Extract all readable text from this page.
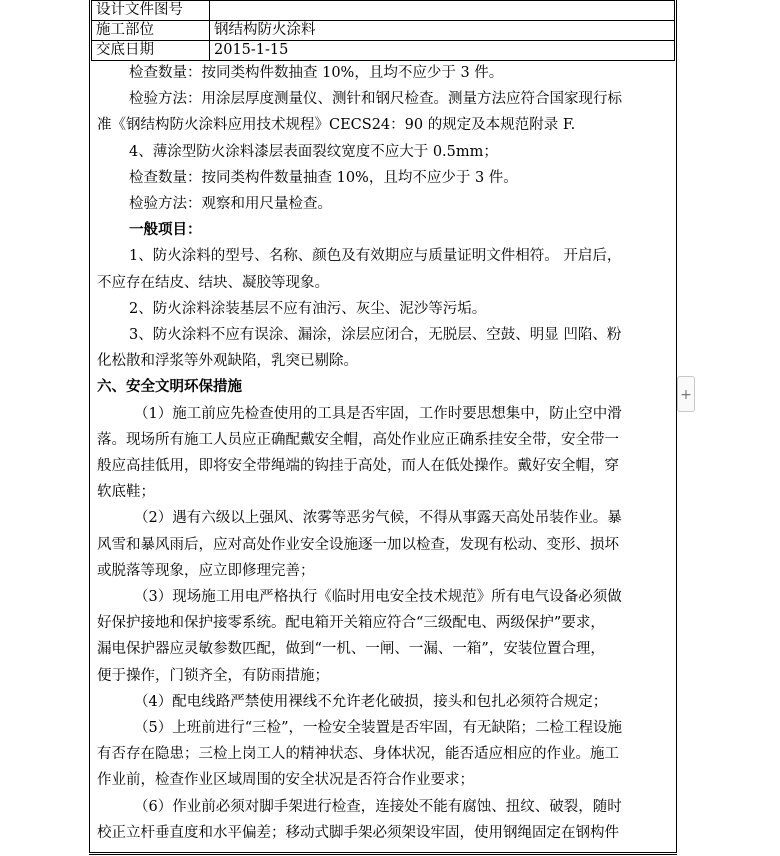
设计文件图号	
施工部位	钢结构防火涂料
交底日期	2015-1-15

检查数量：按同类构件数抽查 10%，且均不应少于 3 件。

检验方法：用涂层厚度测量仪、测针和钢尺检查。测量方法应符合国家现行标

准《钢结构防火涂料应用技术规程》CECS24：90 的规定及本规范附录 F.

4、薄涂型防火涂料漆层表面裂纹宽度不应大于 0.5mm；

检查数量：按同类构件数量抽查 10%，且均不应少于 3 件。

检验方法：观察和用尺量检查。

一般项目：

1、防火涂料的型号、名称、颜色及有效期应与质量证明文件相符。 开启后，

不应存在结皮、结块、凝胶等现象。

2、防火涂料涂装基层不应有油污、灰尘、泥沙等污垢。

3、防火涂料不应有误涂、漏涂，涂层应闭合，无脱层、空鼓、明显 凹陷、粉

化松散和浮浆等外观缺陷，乳突已剔除。

六、安全文明环保措施

（1）施工前应先检查使用的工具是否牢固，工作时要思想集中，防止空中滑

落。现场所有施工人员应正确配戴安全帽，高处作业应正确系挂安全带，安全带一

般应高挂低用，即将安全带绳端的钩挂于高处，而人在低处操作。戴好安全帽，穿

软底鞋；

（2）遇有六级以上强风、浓雾等恶劣气候，不得从事露天高处吊装作业。暴

风雪和暴风雨后，应对高处作业安全设施逐一加以检查，发现有松动、变形、损坏

或脱落等现象，应立即修理完善；

（3）现场施工用电严格执行《临时用电安全技术规范》所有电气设备必须做

好保护接地和保护接零系统。配电箱开关箱应符合“三级配电、两级保护”要求，

漏电保护器应灵敏参数匹配，做到“一机、一闸、一漏、一箱”，安装位置合理，

便于操作，门锁齐全，有防雨措施；

（4）配电线路严禁使用裸线不允许老化破损，接头和包扎必须符合规定；

（5）上班前进行“三检”，一检安全装置是否牢固，有无缺陷；二检工程设施

有否存在隐患；三检上岗工人的精神状态、身体状况，能否适应相应的作业。施工

作业前，检查作业区域周围的安全状况是否符合作业要求；

（6）作业前必须对脚手架进行检查，连接处不能有腐蚀、扭纹、破裂，随时

校正立杆垂直度和水平偏差；移动式脚手架必须架设牢固，使用钢绳固定在钢构件

+
